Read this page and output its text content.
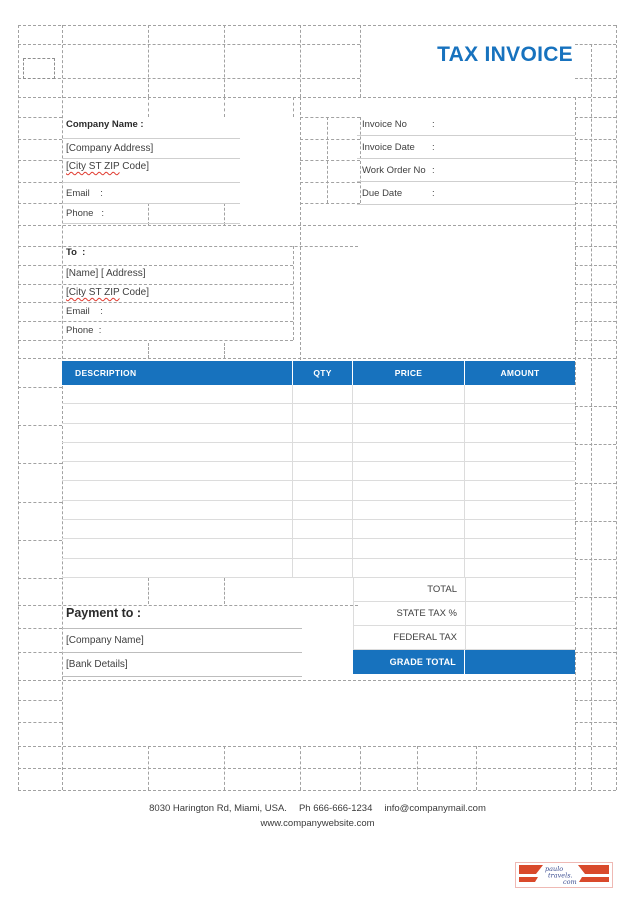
TAX INVOICE
Company Name :
[Company Address]
[City ST ZIP Code]
Email    :
Phone   :
Invoice No	:
Invoice Date :
Work Order No :
Due Date	:
To  :
[Name] [ Address]
[City ST ZIP Code]
Email    :
Phone  :
DESCRIPTION	QTY	PRICE	AMOUNT
TOTAL
STATE TAX %
FEDERAL TAX
GRADE TOTAL
Payment to :
[Company Name]
[Bank Details]
8030 Harington Rd, Miami, USA. Ph 666-666-1234 info@companymail.com
www.companywebsite.com
paulo
travels.
com
